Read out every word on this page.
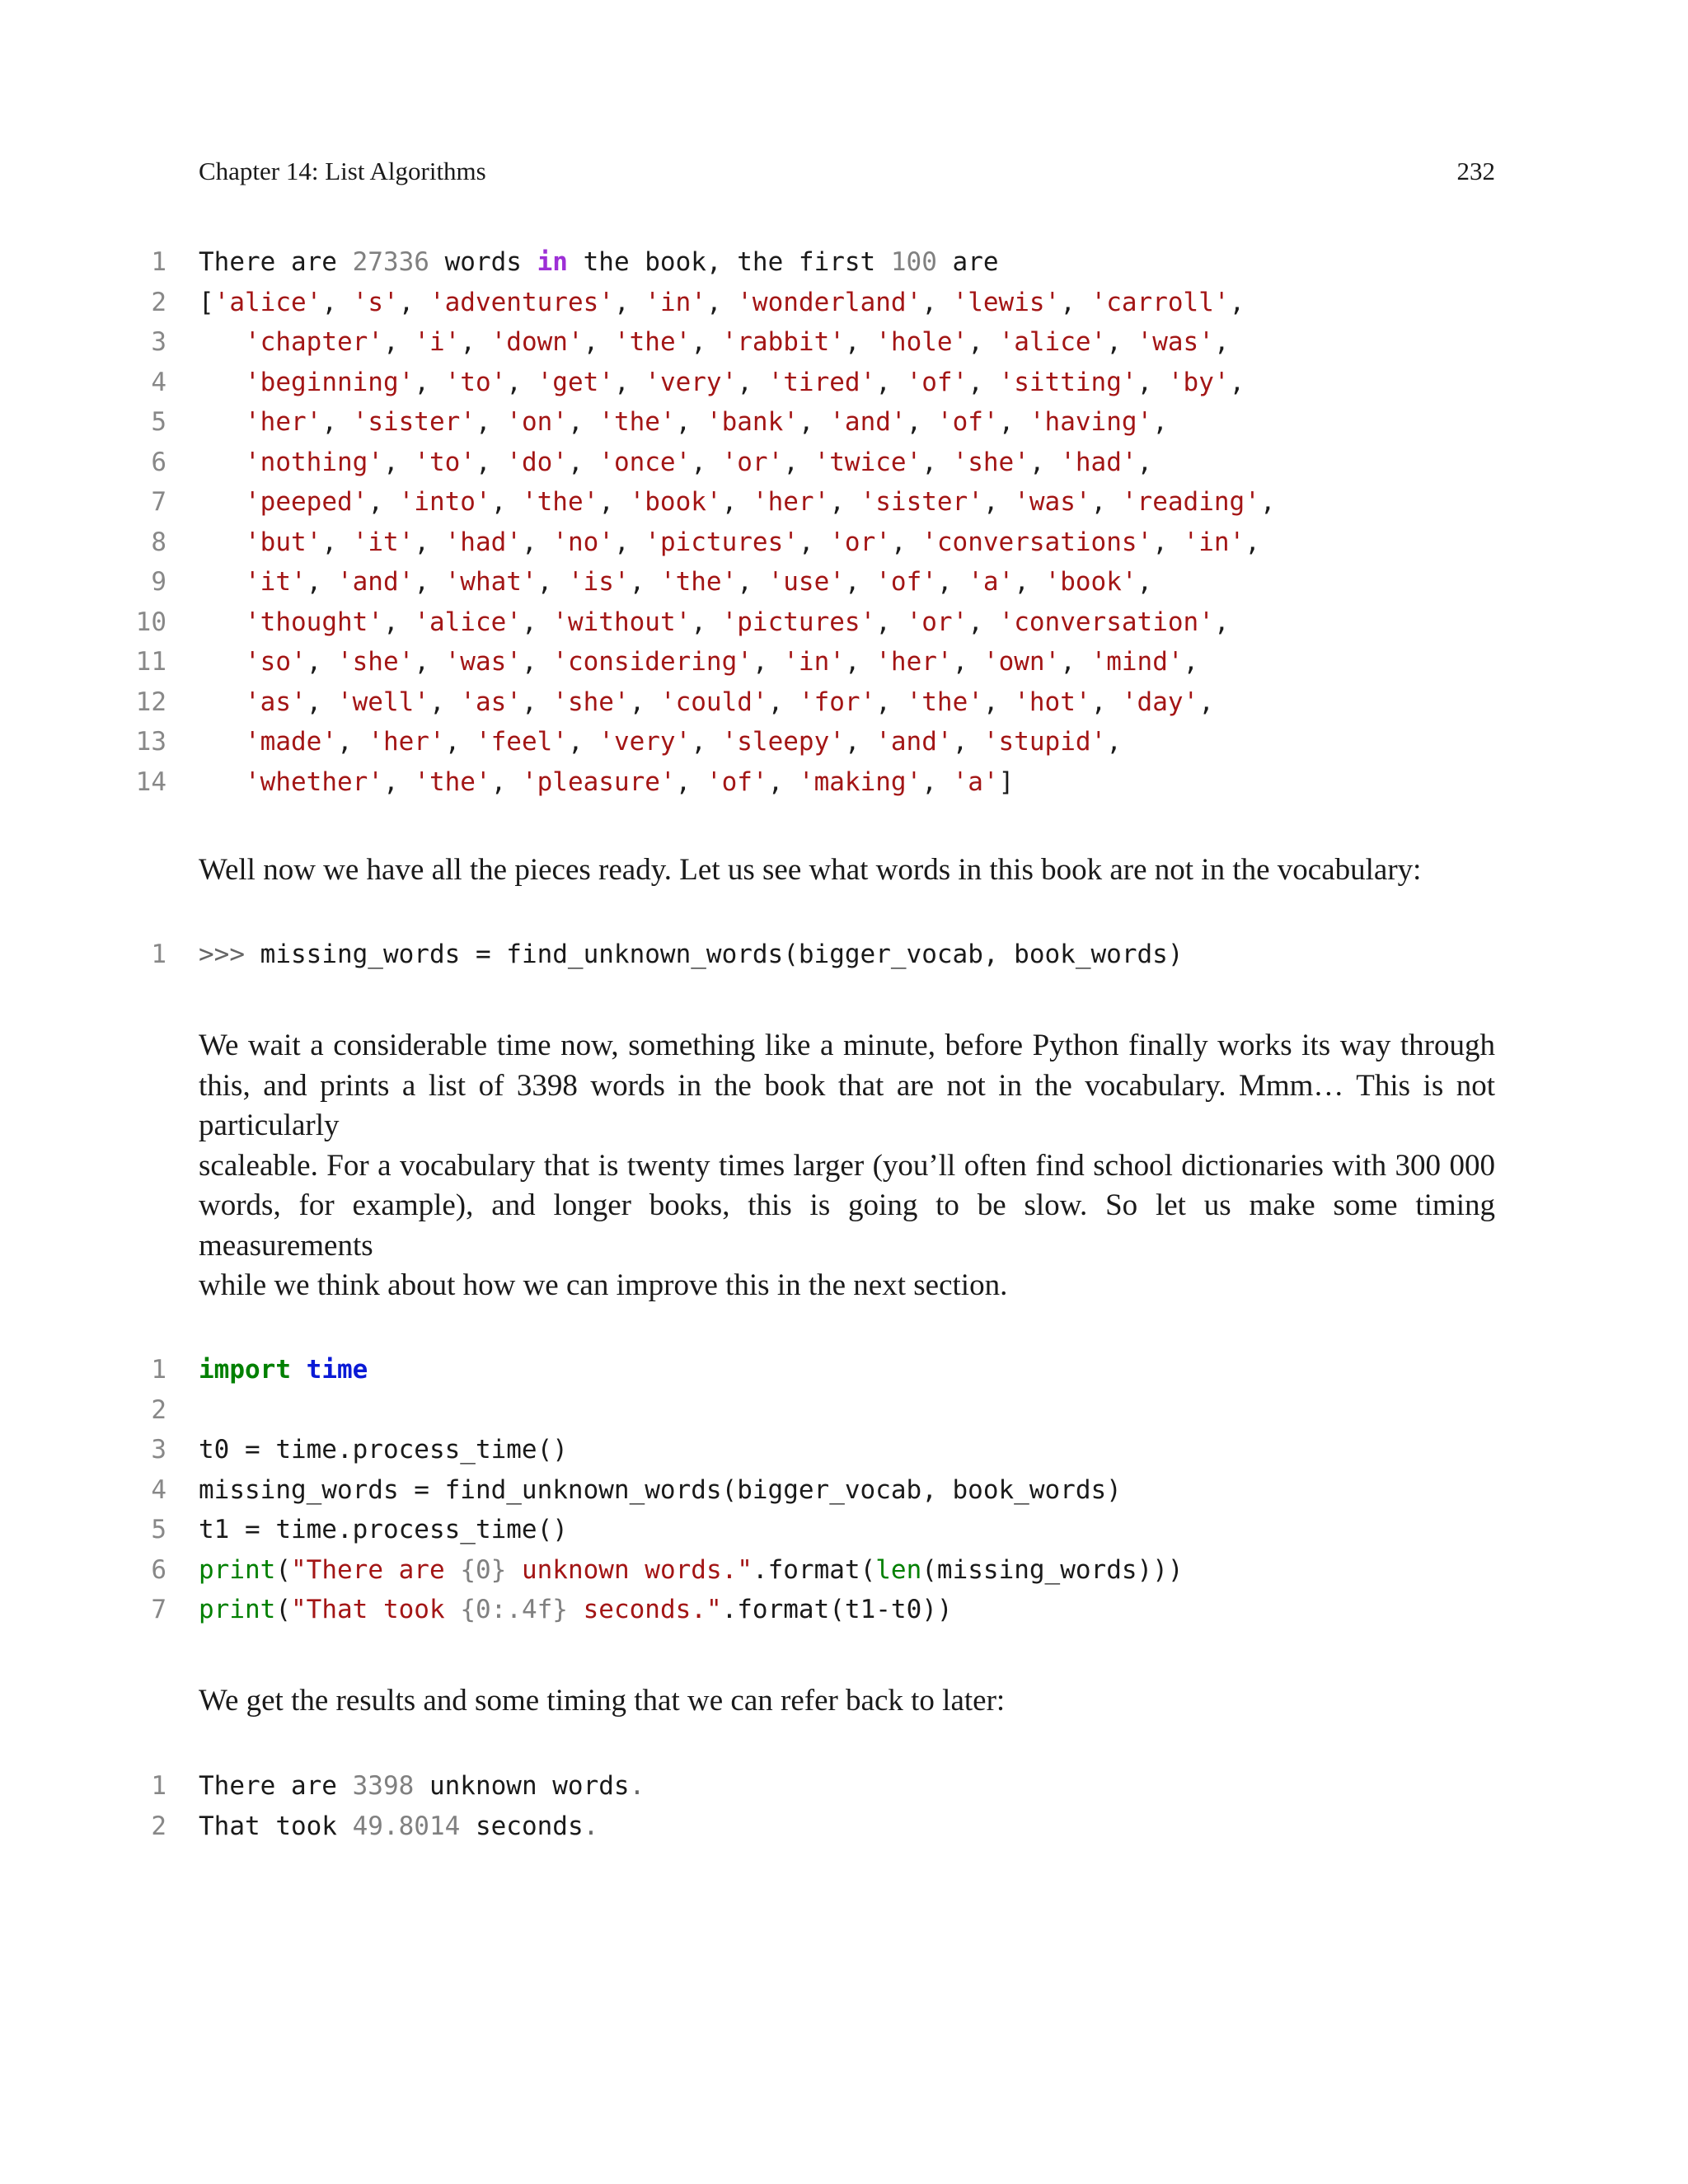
Chapter 14: List Algorithms	232
1 There are 27336 words in the book, the first 100 are
2 ['alice', 's', 'adventures', 'in', 'wonderland', 'lewis', 'carroll',
3	'chapter', 'i', 'down', 'the', 'rabbit', 'hole', 'alice', 'was',
4	'beginning', 'to', 'get', 'very', 'tired', 'of', 'sitting', 'by',
5	'her', 'sister', 'on', 'the', 'bank', 'and', 'of', 'having',
6	'nothing', 'to', 'do', 'once', 'or', 'twice', 'she', 'had',
7	'peeped', 'into', 'the', 'book', 'her', 'sister', 'was', 'reading',
8	'but', 'it', 'had', 'no', 'pictures', 'or', 'conversations', 'in',
9	'it', 'and', 'what', 'is', 'the', 'use', 'of', 'a', 'book',
10	'thought', 'alice', 'without', 'pictures', 'or', 'conversation',
11	'so', 'she', 'was', 'considering', 'in', 'her', 'own', 'mind',
12	'as', 'well', 'as', 'she', 'could', 'for', 'the', 'hot', 'day',
13	'made', 'her', 'feel', 'very', 'sleepy', 'and', 'stupid',
14	'whether', 'the', 'pleasure', 'of', 'making', 'a']

Well now we have all the pieces ready. Let us see what words in this book are not in the vocabulary:

1 >>> missing_words = find_unknown_words(bigger_vocab, book_words)

We wait a considerable time now, something like a minute, before Python finally works its way through this, and prints a list of 3398 words in the book that are not in the vocabulary. Mmm… This is not particularly

scaleable. For a vocabulary that is twenty times larger (you’ll often find school dictionaries with 300 000 words, for example), and longer books, this is going to be slow. So let us make some timing measurements

while we think about how we can improve this in the next section.

1 import time
2
3 t0 = time.process_time()
4 missing_words = find_unknown_words(bigger_vocab, book_words)
5 t1 = time.process_time()
6 print("There are {0} unknown words.".format(len(missing_words)))
7 print("That took {0:.4f} seconds.".format(t1-t0))

We get the results and some timing that we can refer back to later:

1 There are 3398 unknown words.
2 That took 49.8014 seconds.
